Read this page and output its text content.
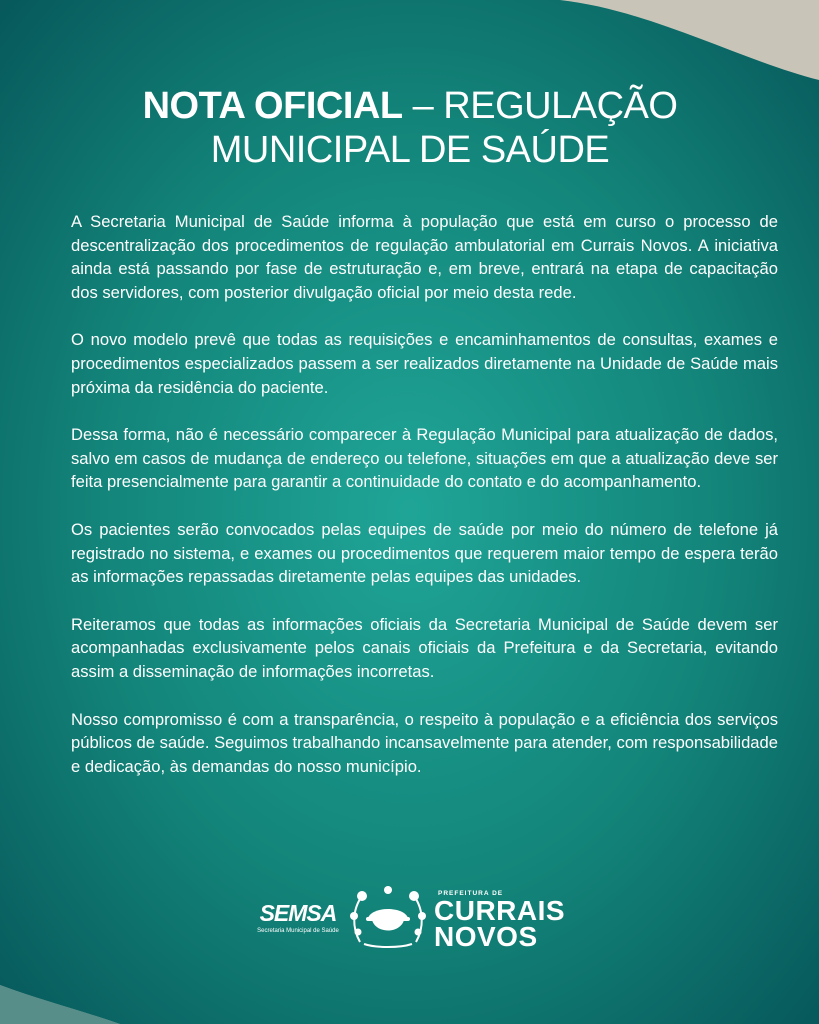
NOTA OFICIAL – REGULAÇÃO
MUNICIPAL DE SAÚDE

A Secretaria Municipal de Saúde informa à população que está em curso o processo de descentralização dos procedimentos de regulação ambulatorial em Currais Novos. A iniciativa ainda está passando por fase de estruturação e, em breve, entrará na etapa de capacitação dos servidores, com posterior divulgação oficial por meio desta rede.

O novo modelo prevê que todas as requisições e encaminhamentos de consultas, exames e procedimentos especializados passem a ser realizados diretamente na Unidade de Saúde mais próxima da residência do paciente.

Dessa forma, não é necessário comparecer à Regulação Municipal para atualização de dados, salvo em casos de mudança de endereço ou telefone, situações em que a atualização deve ser feita presencialmente para garantir a continuidade do contato e do acompanhamento.

Os pacientes serão convocados pelas equipes de saúde por meio do número de telefone já registrado no sistema, e exames ou procedimentos que requerem maior tempo de espera terão as informações repassadas diretamente pelas equipes das unidades.

Reiteramos que todas as informações oficiais da Secretaria Municipal de Saúde devem ser acompanhadas exclusivamente pelos canais oficiais da Prefeitura e da Secretaria, evitando assim a disseminação de informações incorretas.

Nosso compromisso é com a transparência, o respeito à população e a eficiência dos serviços públicos de saúde. Seguimos trabalhando incansavelmente para atender, com responsabilidade e dedicação, às demandas do nosso município.

SEMSA
Secretaria Municipal de Saúde
PREFEITURA DE
CURRAIS
NOVOS
